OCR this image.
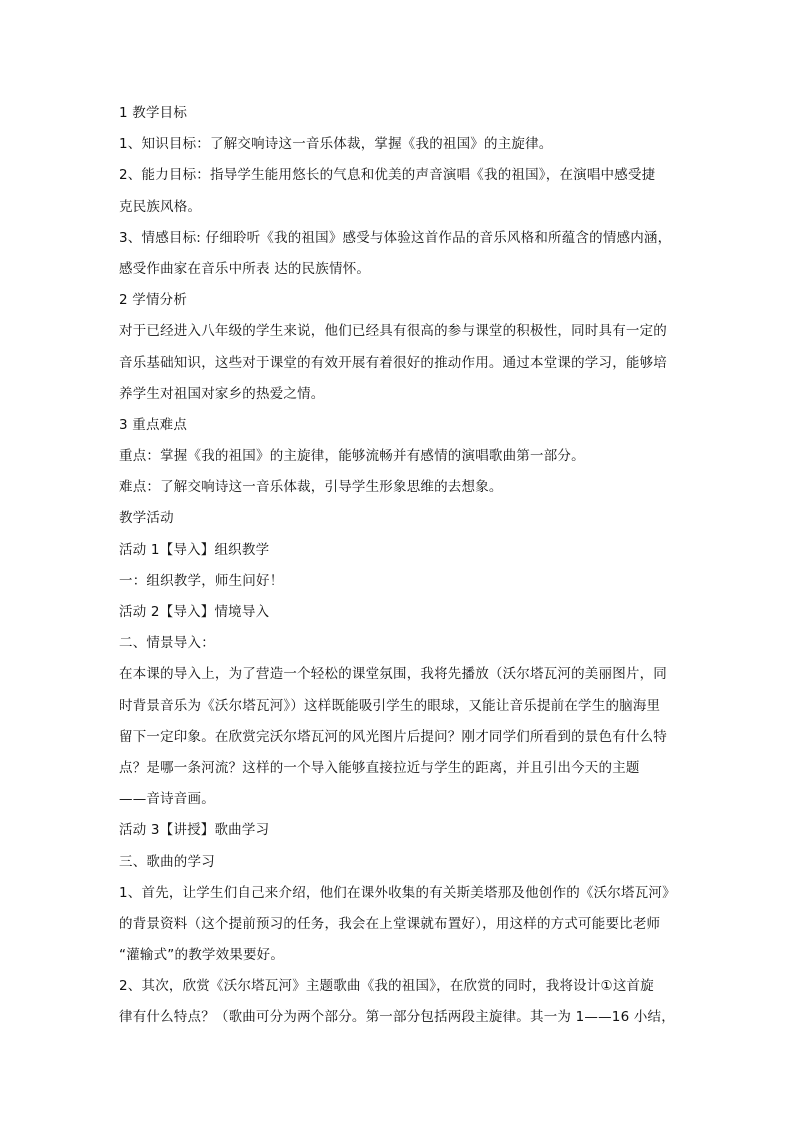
1 教学目标

1、知识目标：了解交响诗这一音乐体裁，掌握《我的祖国》的主旋律。

2、能力目标：指导学生能用悠长的气息和优美的声音演唱《我的祖国》，在演唱中感受捷

克民族风格。

3、情感目标: 仔细聆听《我的祖国》感受与体验这首作品的音乐风格和所蕴含的情感内涵，

感受作曲家在音乐中所表 达的民族情怀。

2 学情分析

对于已经进入八年级的学生来说，他们已经具有很高的参与课堂的积极性，同时具有一定的

音乐基础知识，这些对于课堂的有效开展有着很好的推动作用。通过本堂课的学习，能够培

养学生对祖国对家乡的热爱之情。

3 重点难点

重点：掌握《我的祖国》的主旋律，能够流畅并有感情的演唱歌曲第一部分。

难点：了解交响诗这一音乐体裁，引导学生形象思维的去想象。

教学活动

活动 1【导入】组织教学

一：组织教学，师生问好！

活动 2【导入】情境导入

二、情景导入：

在本课的导入上，为了营造一个轻松的课堂氛围，我将先播放（沃尔塔瓦河的美丽图片，同

时背景音乐为《沃尔塔瓦河》）这样既能吸引学生的眼球，又能让音乐提前在学生的脑海里

留下一定印象。在欣赏完沃尔塔瓦河的风光图片后提问？刚才同学们所看到的景色有什么特

点？是哪一条河流？这样的一个导入能够直接拉近与学生的距离，并且引出今天的主题

——音诗音画。

活动 3【讲授】歌曲学习

三、歌曲的学习

1、首先，让学生们自己来介绍，他们在课外收集的有关斯美塔那及他创作的《沃尔塔瓦河》

的背景资料（这个提前预习的任务，我会在上堂课就布置好），用这样的方式可能要比老师

“灌输式”的教学效果要好。

2、其次，欣赏《沃尔塔瓦河》主题歌曲《我的祖国》，在欣赏的同时，我将设计①这首旋

律有什么特点？（歌曲可分为两个部分。第一部分包括两段主旋律。其一为 1——16 小结，
